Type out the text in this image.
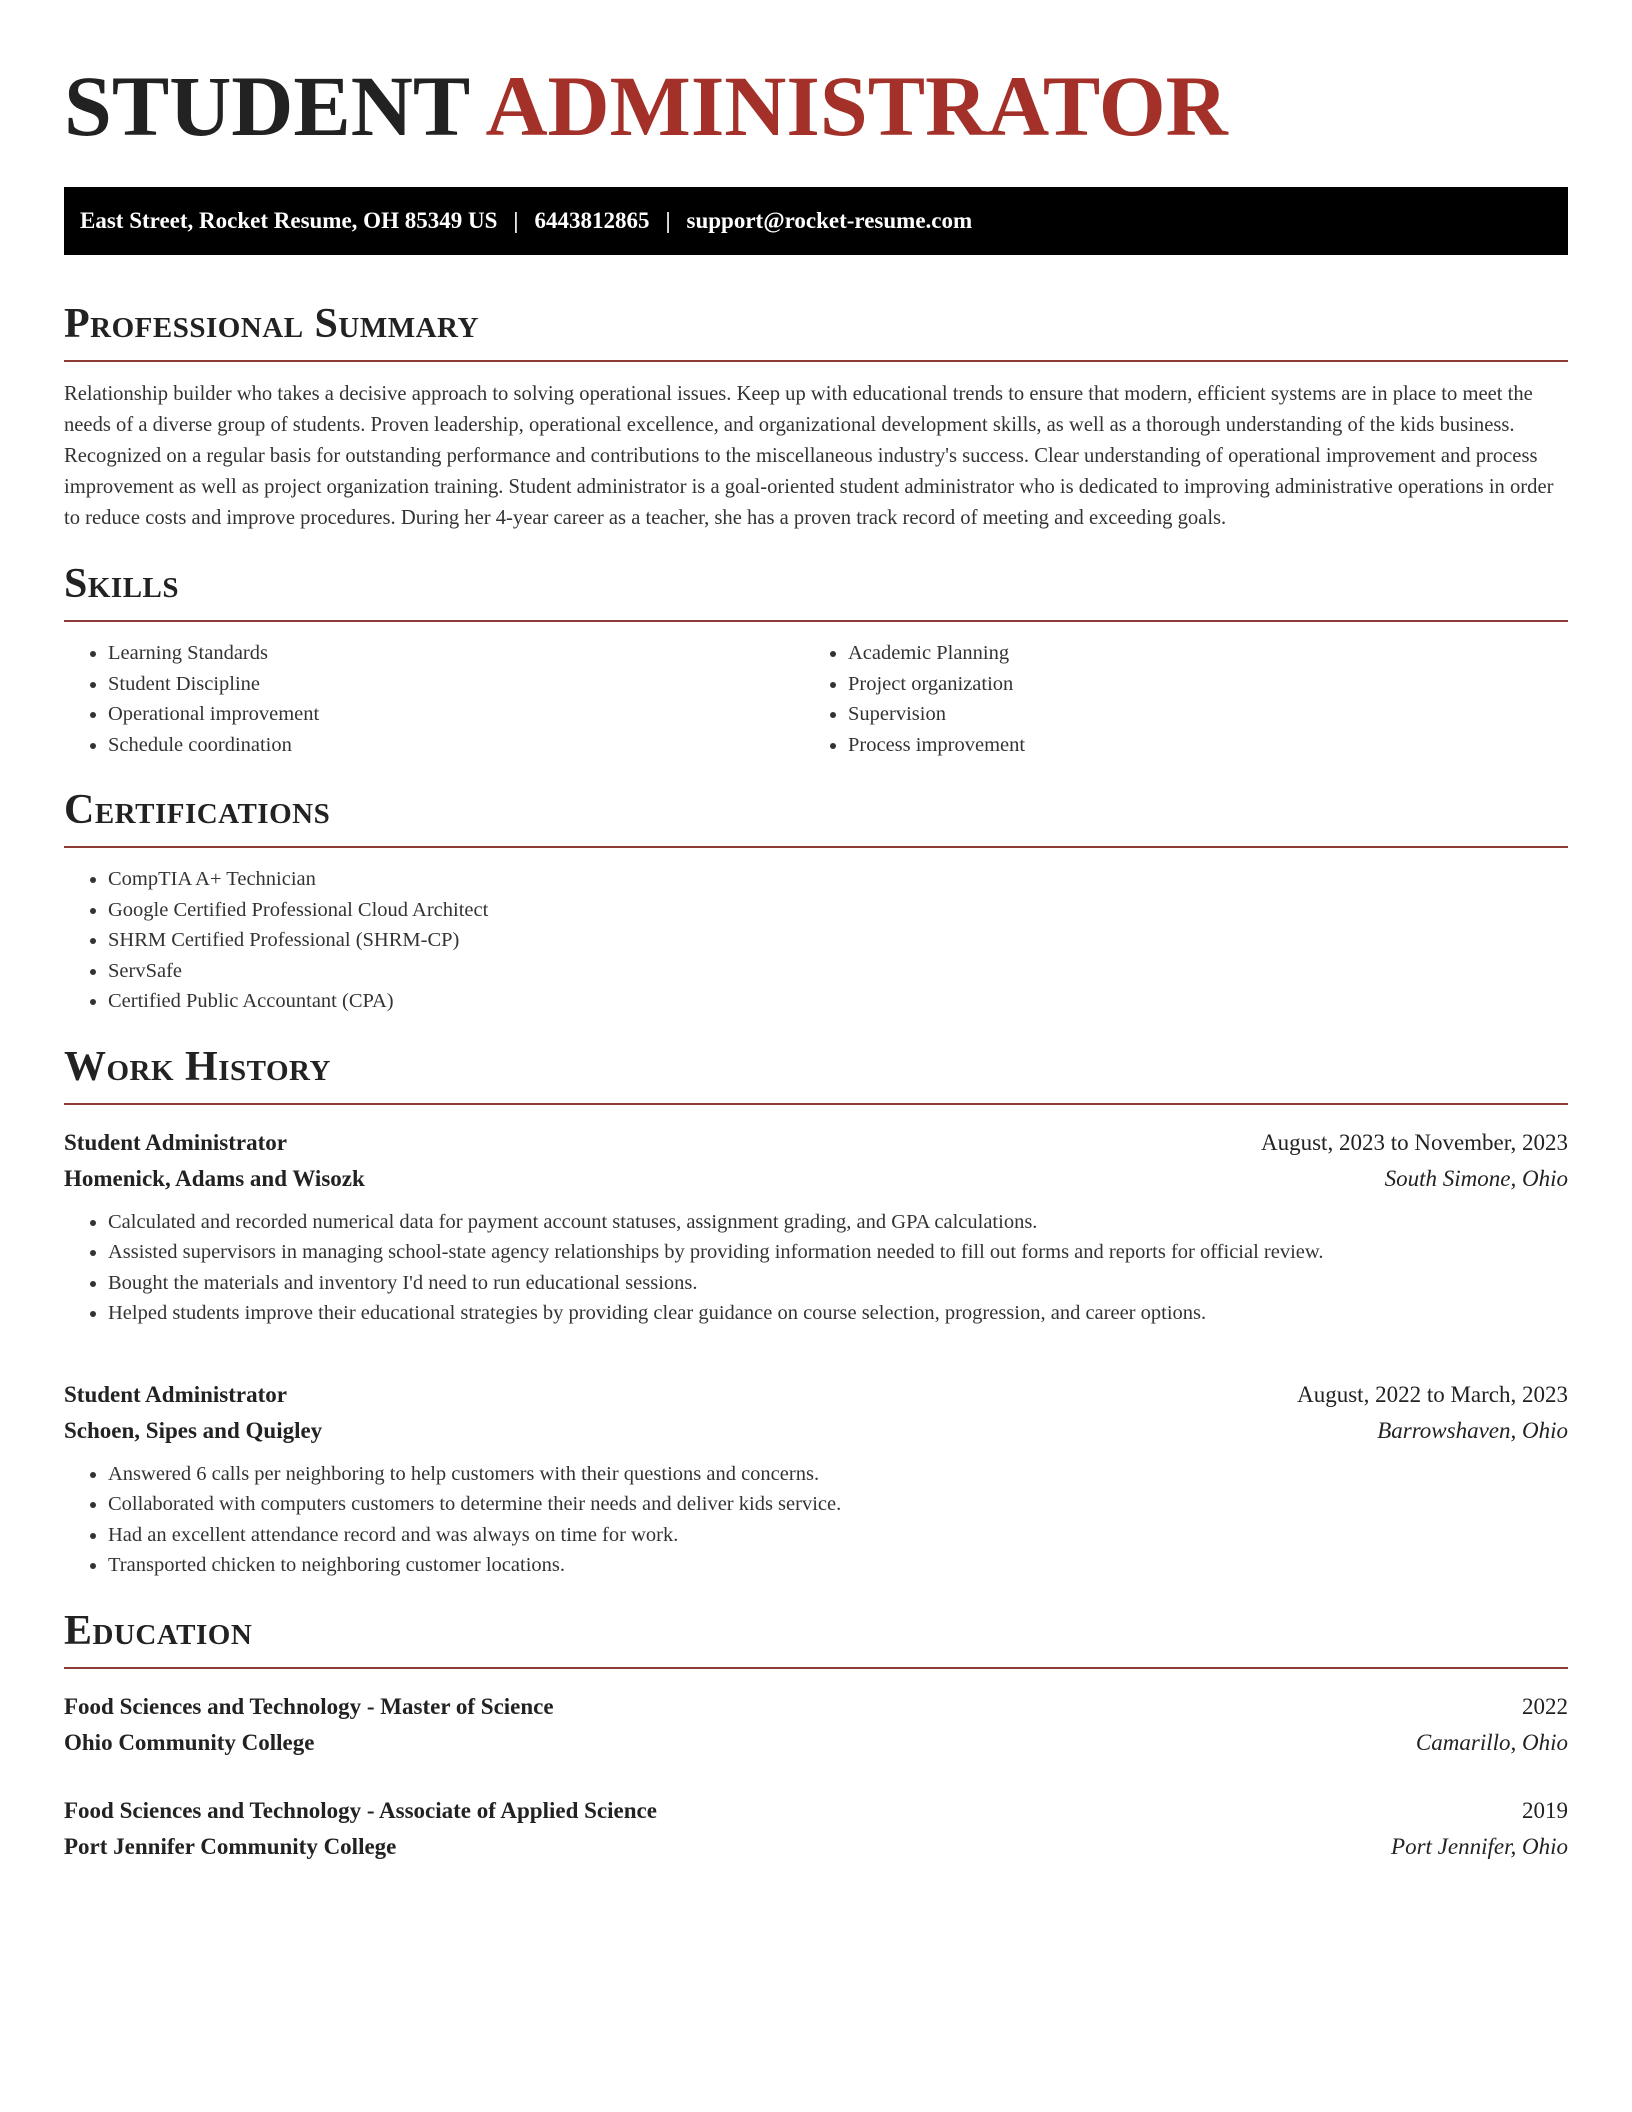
STUDENT ADMINISTRATOR
East Street, Rocket Resume, OH 85349 US | 6443812865 | support@rocket-resume.com
Professional Summary

Relationship builder who takes a decisive approach to solving operational issues. Keep up with educational trends to ensure that modern, efficient systems are in place to meet the needs of a diverse group of students. Proven leadership, operational excellence, and organizational development skills, as well as a thorough understanding of the kids business. Recognized on a regular basis for outstanding performance and contributions to the miscellaneous industry's success. Clear understanding of operational improvement and process improvement as well as project organization training. Student administrator is a goal-oriented student administrator who is dedicated to improving administrative operations in order to reduce costs and improve procedures. During her 4-year career as a teacher, she has a proven track record of meeting and exceeding goals.

Skills
• Learning Standards
• Student Discipline
• Operational improvement
• Schedule coordination
• Academic Planning
• Project organization
• Supervision
• Process improvement
Certifications
• CompTIA A+ Technician
• Google Certified Professional Cloud Architect
• SHRM Certified Professional (SHRM-CP)
• ServSafe
• Certified Public Accountant (CPA)
Work History
Student Administrator	August, 2023 to November, 2023
Homenick, Adams and Wisozk	South Simone, Ohio
• Calculated and recorded numerical data for payment account statuses, assignment grading, and GPA calculations.
• Assisted supervisors in managing school-state agency relationships by providing information needed to fill out forms and reports for official review.
• Bought the materials and inventory I'd need to run educational sessions.
• Helped students improve their educational strategies by providing clear guidance on course selection, progression, and career options.
Student Administrator	August, 2022 to March, 2023
Schoen, Sipes and Quigley	Barrowshaven, Ohio
• Answered 6 calls per neighboring to help customers with their questions and concerns.
• Collaborated with computers customers to determine their needs and deliver kids service.
• Had an excellent attendance record and was always on time for work.
• Transported chicken to neighboring customer locations.
Education
Food Sciences and Technology - Master of Science	2022
Ohio Community College	Camarillo, Ohio
Food Sciences and Technology - Associate of Applied Science	2019
Port Jennifer Community College	Port Jennifer, Ohio
